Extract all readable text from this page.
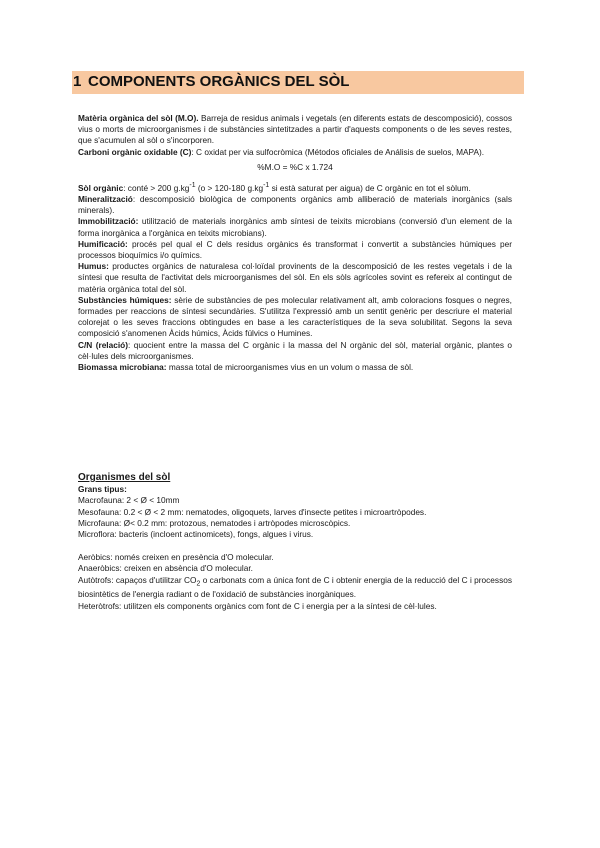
1 COMPONENTS ORGÀNICS DEL SÒL

Matèria orgànica del sòl (M.O). Barreja de residus animals i vegetals (en diferents estats de descomposició), cossos vius o morts de microorganismes i de substàncies sintetitzades a partir d'aquests components o de les seves restes, que s'acumulen al sòl o s'incorporen.

Carboni orgànic oxidable (C): C oxidat per via sulfocròmica (Métodos oficiales de Análisis de suelos, MAPA).

%M.O = %C x 1.724

Sòl orgànic: conté > 200 $g.kg^{-1}$ (o > 120-180 $g.kg^{-1}$ si està saturat per aigua) de C orgànic en tot el sòlum.

Mineralització: descomposició biològica de components orgànics amb alliberació de materials inorgànics (sals minerals).

Immobilització: utilització de materials inorgànics amb síntesi de teixits microbians (conversió d'un element de la forma inorgànica a l'orgànica en teixits microbians).

Humificació: procés pel qual el C dels residus orgànics és transformat i convertit a substàncies húmiques per processos bioquímics i/o químics.

Humus: productes orgànics de naturalesa col·loïdal provinents de la descomposició de les restes vegetals i de la síntesi que resulta de l'activitat dels microorganismes del sòl. En els sòls agrícoles sovint es refereix al contingut de matèria orgànica total del sòl.

Substàncies húmiques: sèrie de substàncies de pes molecular relativament alt, amb coloracions fosques o negres, formades per reaccions de síntesi secundàries. S'utilitza l'expressió amb un sentit genèric per descriure el material colorejat o les seves fraccions obtingudes en base a les característiques de la seva solubilitat. Segons la seva composició s'anomenen Àcids húmics, Àcids fúlvics o Humines.

C/N (relació): quocient entre la massa del C orgànic i la massa del N orgànic del sòl, material orgànic, plantes o cèl·lules dels microorganismes.

Biomassa microbiana: massa total de microorganismes vius en un volum o massa de sòl.

Organismes del sòl

Grans tipus:

Macrofauna: 2 < Ø < 10mm

Mesofauna: 0.2 < Ø < 2 mm: nematodes, oligoquets, larves d'insecte petites i microartròpodes.

Microfauna: Ø< 0.2 mm: protozous, nematodes i artròpodes microscòpics.

Microflora: bacteris (incloent actinomicets), fongs, algues i virus.

Aeròbics: només creixen en presència d'O molecular.

Anaeròbics: creixen en absència d'O molecular.

Autòtrofs: capaços d'utilitzar $CO_2$ o carbonats com a única font de C i obtenir energia de la reducció del C i processos biosintètics de l'energia radiant o de l'oxidació de substàncies inorgàniques.

Heteròtrofs: utilitzen els components orgànics com font de C i energia per a la síntesi de cèl·lules.
